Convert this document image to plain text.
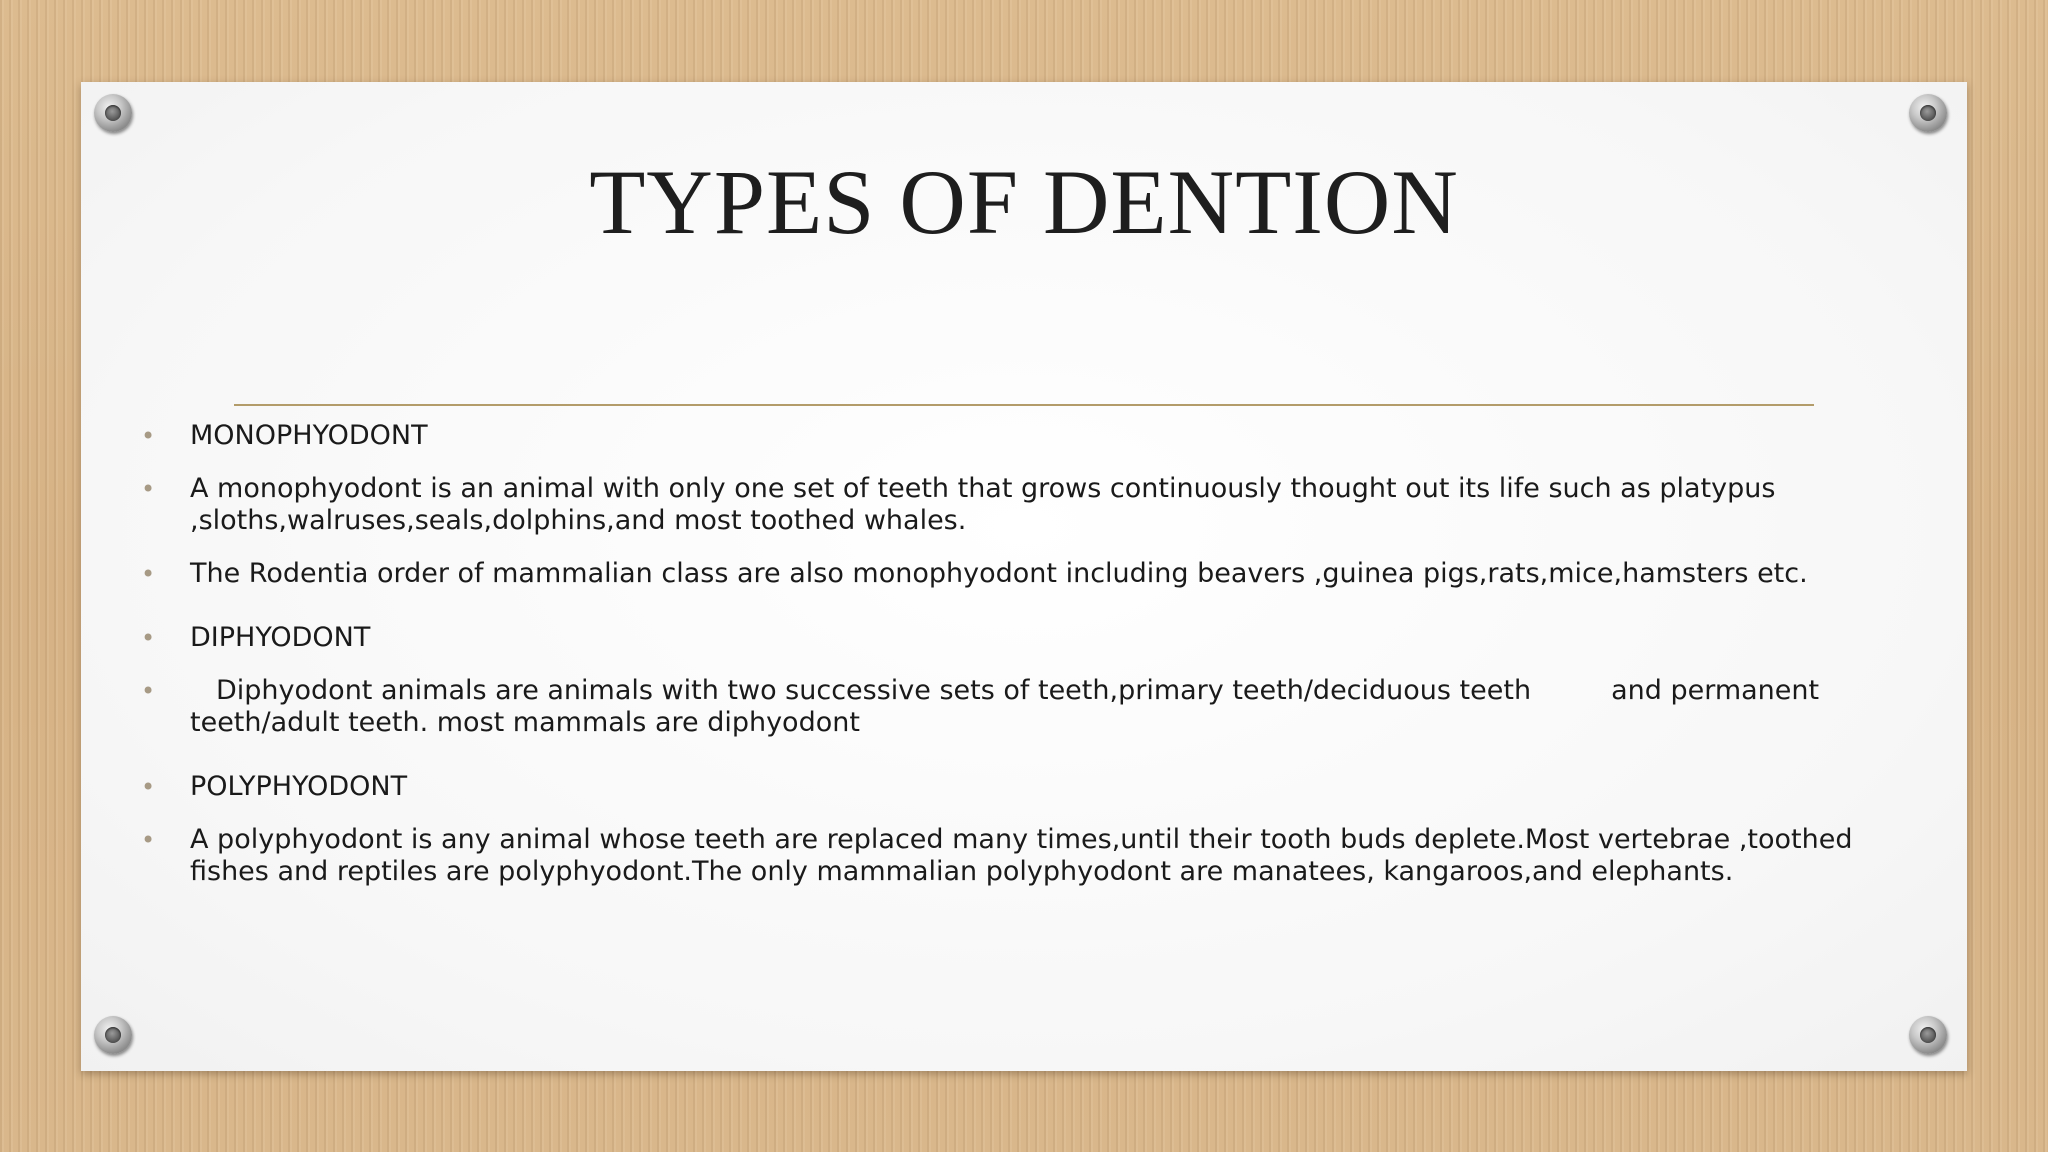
TYPES OF DENTION
• MONOPHYODONT
• A monophyodont is an animal with only one set of teeth that grows continuously thought out its life such as platypus ,sloths,walruses,seals,dolphins,and most toothed whales.
• The Rodentia order of mammalian class are also monophyodont including beavers ,guinea pigs,rats,mice,hamsters etc.
• DIPHYODONT
• Diphyodont animals are animals with two successive sets of teeth,primary teeth/deciduous teeth	and permanent teeth/adult teeth. most mammals are diphyodont
• POLYPHYODONT
• A polyphyodont is any animal whose teeth are replaced many times,until their tooth buds deplete.Most vertebrae ,toothed fishes and reptiles are polyphyodont.The only mammalian polyphyodont are manatees, kangaroos,and elephants.
